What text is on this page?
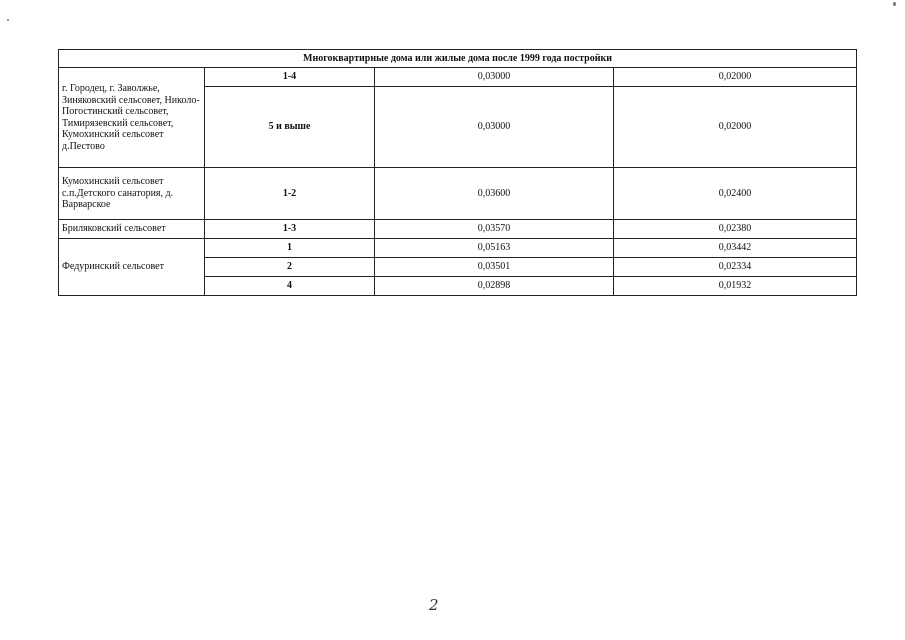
Многоквартирные дома или жилые дома после 1999 года постройки			
г. Городец, г. Заволжье, Зиняковский сельсовет, Николо-Погостинский сельсовет, Тимирязевский сельсовет, Кумохинский сельсовет д.Пестово	1-4	0,03000	0,02000
	5 и выше	0,03000	0,02000
Кумохинский сельсовет с.п.Детского санатория, д. Варварское	1-2	0,03600	0,02400
Бриляковский сельсовет	1-3	0,03570	0,02380
Федуринский сельсовет	1	0,05163	0,03442
	2	0,03501	0,02334
	4	0,02898	0,01932
2
